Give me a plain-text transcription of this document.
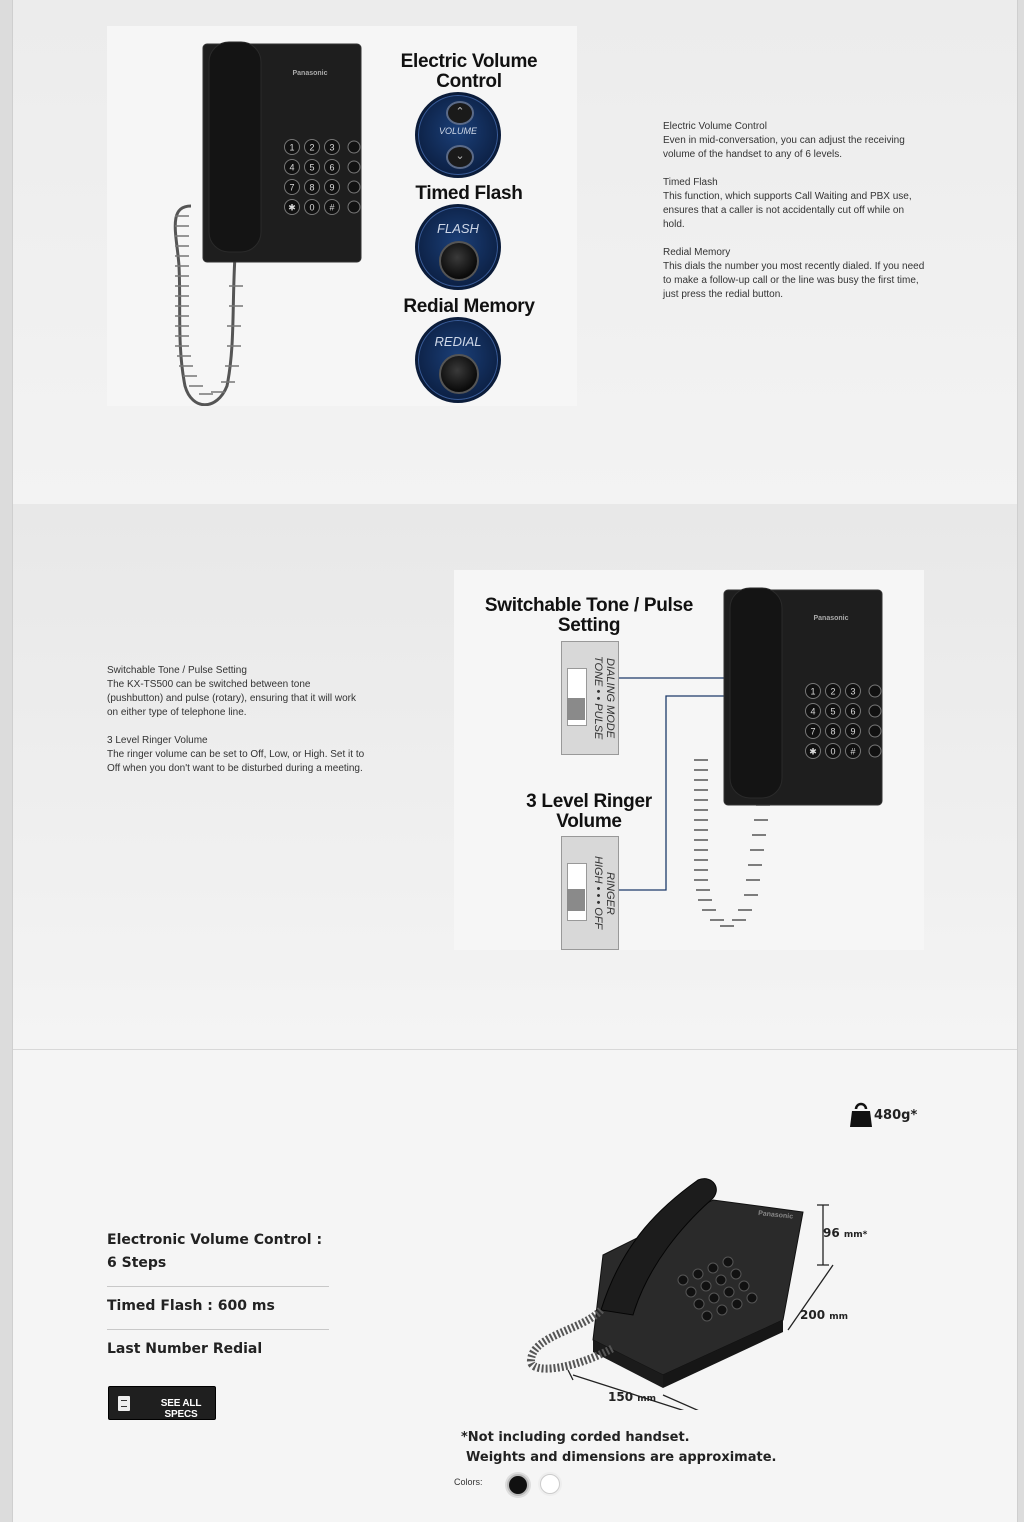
Panasonic
1 2 3
4 5 6
7 8 9
✱ 0 #
Electric Volume Control
⌃
VOLUME
⌄
Timed Flash
FLASH
Redial Memory
REDIAL

Electric Volume Control
Even in mid-conversation, you can adjust the receiving volume of the handset to any of 6 levels.

Timed Flash
This function, which supports Call Waiting and PBX use, ensures that a caller is not accidentally cut off while on hold.

Redial Memory
This dials the number you most recently dialed. If you need to make a follow-up call or the line was busy the first time, just press the redial button.

Switchable Tone / Pulse Setting
The KX-TS500 can be switched between tone (pushbutton) and pulse (rotary), ensuring that it will work on either type of telephone line.

3 Level Ringer Volume
The ringer volume can be set to Off, Low, or High. Set it to Off when you don't want to be disturbed during a meeting.

Switchable Tone / Pulse Setting
DIALING MODE
TONE • • PULSE
3 Level Ringer Volume
RINGER
HIGH • • • OFF
Panasonic
1 2 3
4 5 6
7 8 9
✱ 0 #
Electronic Volume Control : 6 Steps
Timed Flash : 600 ms
Last Number Redial
SEE ALL SPECS
480g*
Panasonic
96 mm*
200 mm
150 mm
*Not including corded handset.
Weights and dimensions are approximate.
Colors:
